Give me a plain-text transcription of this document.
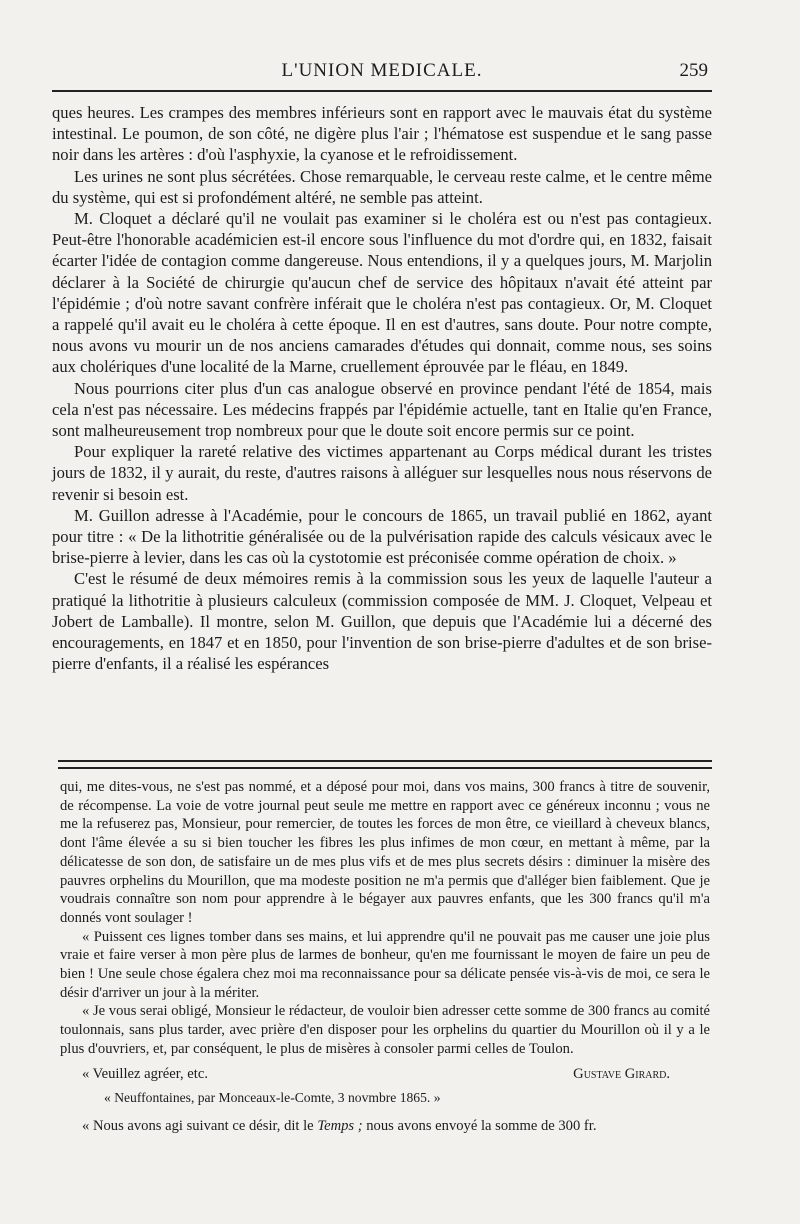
L'UNION MEDICALE.	259

ques heures. Les crampes des membres inférieurs sont en rapport avec le mauvais état du système intestinal. Le poumon, de son côté, ne digère plus l'air ; l'hématose est suspendue et le sang passe noir dans les artères : d'où l'asphyxie, la cyanose et le refroidissement.

Les urines ne sont plus sécrétées. Chose remarquable, le cerveau reste calme, et le centre même du système, qui est si profondément altéré, ne semble pas atteint.

M. Cloquet a déclaré qu'il ne voulait pas examiner si le choléra est ou n'est pas contagieux. Peut-être l'honorable académicien est-il encore sous l'influence du mot d'ordre qui, en 1832, faisait écarter l'idée de contagion comme dangereuse. Nous entendions, il y a quelques jours, M. Marjolin déclarer à la Société de chirurgie qu'aucun chef de service des hôpitaux n'avait été atteint par l'épidémie ; d'où notre savant confrère inférait que le choléra n'est pas contagieux. Or, M. Cloquet a rappelé qu'il avait eu le choléra à cette époque. Il en est d'autres, sans doute. Pour notre compte, nous avons vu mourir un de nos anciens camarades d'études qui donnait, comme nous, ses soins aux cholériques d'une localité de la Marne, cruellement éprouvée par le fléau, en 1849.

Nous pourrions citer plus d'un cas analogue observé en province pendant l'été de 1854, mais cela n'est pas nécessaire. Les médecins frappés par l'épidémie actuelle, tant en Italie qu'en France, sont malheureusement trop nombreux pour que le doute soit encore permis sur ce point.

Pour expliquer la rareté relative des victimes appartenant au Corps médical durant les tristes jours de 1832, il y aurait, du reste, d'autres raisons à alléguer sur lesquelles nous nous réservons de revenir si besoin est.

M. Guillon adresse à l'Académie, pour le concours de 1865, un travail publié en 1862, ayant pour titre : « De la lithotritie généralisée ou de la pulvérisation rapide des calculs vésicaux avec le brise-pierre à levier, dans les cas où la cystotomie est préconisée comme opération de choix. »

C'est le résumé de deux mémoires remis à la commission sous les yeux de laquelle l'auteur a pratiqué la lithotritie à plusieurs calculeux (commission composée de MM. J. Cloquet, Velpeau et Jobert de Lamballe). Il montre, selon M. Guillon, que depuis que l'Académie lui a décerné des encouragements, en 1847 et en 1850, pour l'invention de son brise-pierre d'adultes et de son brise-pierre d'enfants, il a réalisé les espérances

qui, me dites-vous, ne s'est pas nommé, et a déposé pour moi, dans vos mains, 300 francs à titre de souvenir, de récompense. La voie de votre journal peut seule me mettre en rapport avec ce généreux inconnu ; vous ne me la refuserez pas, Monsieur, pour remercier, de toutes les forces de mon être, ce vieillard à cheveux blancs, dont l'âme élevée a su si bien toucher les fibres les plus infimes de mon cœur, en mettant à même, par la délicatesse de son don, de satisfaire un de mes plus vifs et de mes plus secrets désirs : diminuer la misère des pauvres orphelins du Mourillon, que ma modeste position ne m'a permis que d'alléger bien faiblement. Que je voudrais connaître son nom pour apprendre à le bégayer aux pauvres enfants, que les 300 francs qu'il m'a donnés vont soulager !

« Puissent ces lignes tomber dans ses mains, et lui apprendre qu'il ne pouvait pas me causer une joie plus vraie et faire verser à mon père plus de larmes de bonheur, qu'en me fournissant le moyen de faire un peu de bien ! Une seule chose égalera chez moi ma reconnaissance pour sa délicate pensée vis-à-vis de moi, ce sera le désir d'arriver un jour à la mériter.

« Je vous serai obligé, Monsieur le rédacteur, de vouloir bien adresser cette somme de 300 francs au comité toulonnais, sans plus tarder, avec prière d'en disposer pour les orphelins du quartier du Mourillon où il y a le plus d'ouvriers, et, par conséquent, le plus de misères à consoler parmi celles de Toulon.

« Veuillez agréer, etc.	Gustave Girard.
« Neuffontaines, par Monceaux-le-Comte, 3 novmbre 1865. »

« Nous avons agi suivant ce désir, dit le Temps ; nous avons envoyé la somme de 300 fr.
